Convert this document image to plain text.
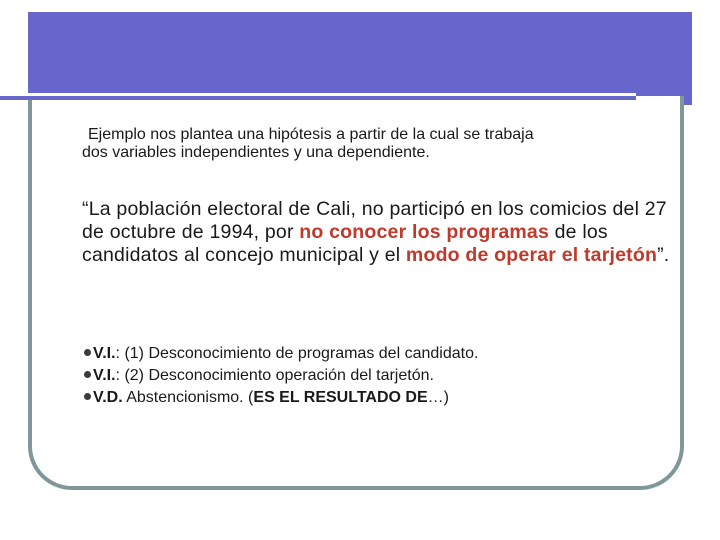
Ejemplo nos plantea una hipótesis a partir de la cual se trabaja
dos variables independientes y una dependiente.

“La población electoral de Cali, no participó en los comicios del 27 de octubre de 1994, por no conocer los programas de los candidatos al concejo municipal y el modo de operar el tarjetón”.

V.I.: (1) Desconocimiento de programas del candidato.
V.I.: (2) Desconocimiento operación del tarjetón.
V.D. Abstencionismo. (ES EL RESULTADO DE…)
